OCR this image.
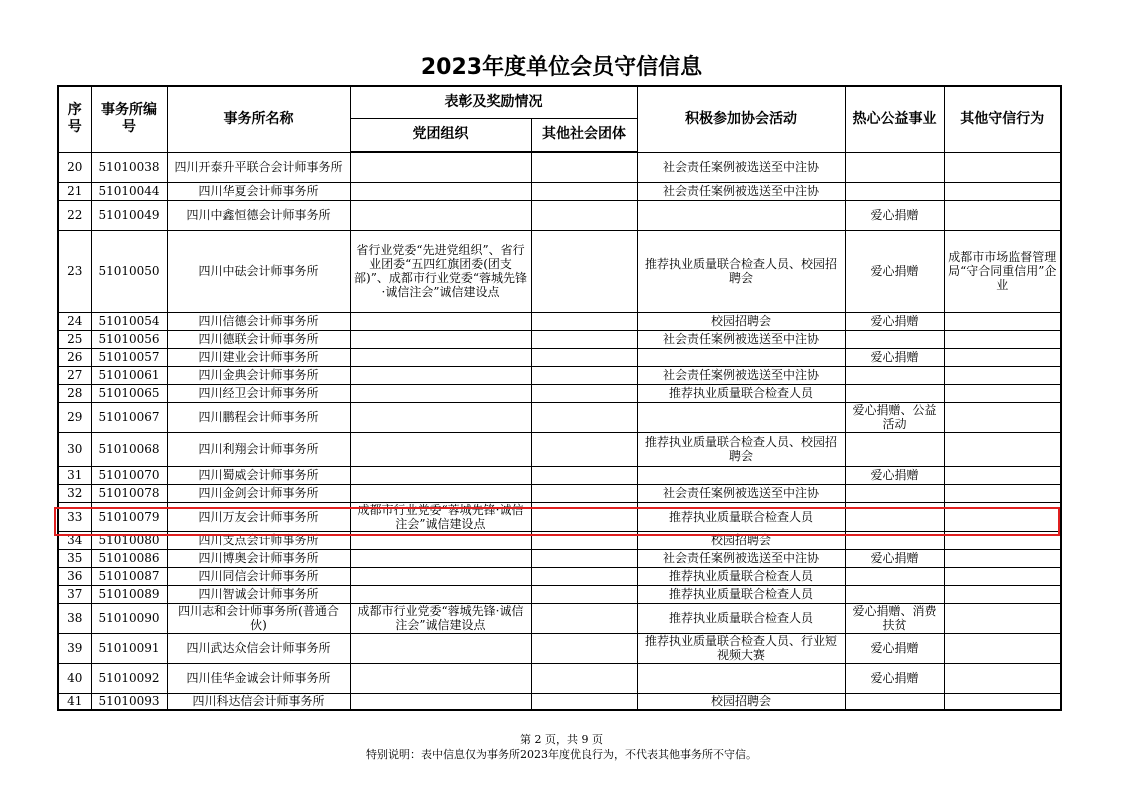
2023年度单位会员守信信息
序号	事务所编号	事务所名称	表彰及奖励情况		积极参加协会活动	热心公益事业	其他守信行为
			党团组织	其他社会团体			
20	51010038	四川开泰升平联合会计师事务所			社会责任案例被选送至中注协		
21	51010044	四川华夏会计师事务所			社会责任案例被选送至中注协		
22	51010049	四川中鑫恒德会计师事务所				爱心捐赠	
23	51010050	四川中砝会计师事务所	省行业党委“先进党组织”、省行业团委“五四红旗团委(团支部)”、成都市行业党委“蓉城先锋·诚信注会”诚信建设点		推荐执业质量联合检查人员、校园招聘会	爱心捐赠	成都市市场监督管理局“守合同重信用”企业
24	51010054	四川信德会计师事务所			校园招聘会	爱心捐赠	
25	51010056	四川德联会计师事务所			社会责任案例被选送至中注协		
26	51010057	四川建业会计师事务所				爱心捐赠	
27	51010061	四川金典会计师事务所			社会责任案例被选送至中注协		
28	51010065	四川经卫会计师事务所			推荐执业质量联合检查人员		
29	51010067	四川鹏程会计师事务所				爱心捐赠、公益活动	
30	51010068	四川利翔会计师事务所			推荐执业质量联合检查人员、校园招聘会		
31	51010070	四川蜀威会计师事务所				爱心捐赠	
32	51010078	四川金剑会计师事务所			社会责任案例被选送至中注协		
33	51010079	四川万友会计师事务所	成都市行业党委“蓉城先锋·诚信注会”诚信建设点		推荐执业质量联合检查人员		
34	51010080	四川支点会计师事务所			校园招聘会		
35	51010086	四川博奥会计师事务所			社会责任案例被选送至中注协	爱心捐赠	
36	51010087	四川同信会计师事务所			推荐执业质量联合检查人员		
37	51010089	四川智诚会计师事务所			推荐执业质量联合检查人员		
38	51010090	四川志和会计师事务所(普通合伙)	成都市行业党委“蓉城先锋·诚信注会”诚信建设点		推荐执业质量联合检查人员	爱心捐赠、消费扶贫	
39	51010091	四川武达众信会计师事务所			推荐执业质量联合检查人员、行业短视频大赛	爱心捐赠	
40	51010092	四川佳华金诚会计师事务所				爱心捐赠	
41	51010093	四川科达信会计师事务所			校园招聘会		
第 2 页，共 9 页
特别说明：表中信息仅为事务所2023年度优良行为，不代表其他事务所不守信。
